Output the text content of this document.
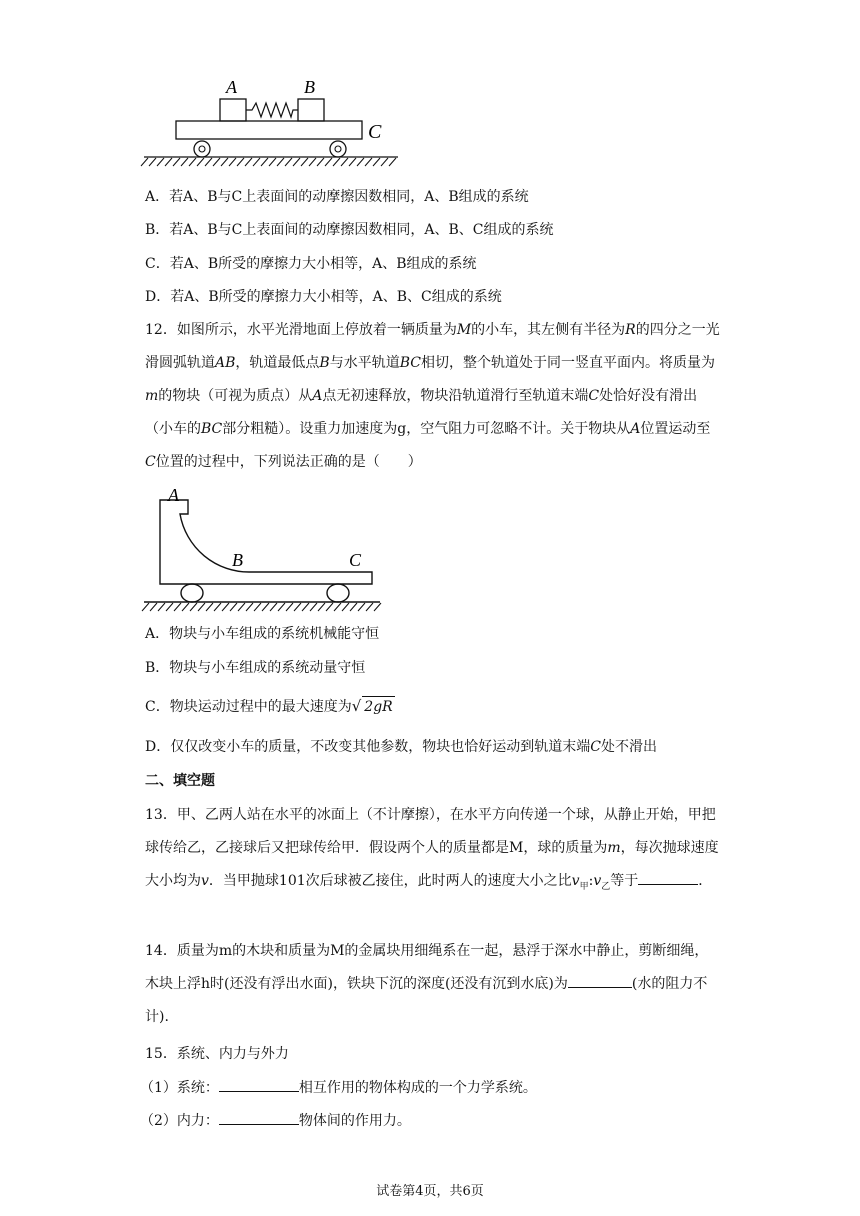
A	B
C
A．若A、B与C上表面间的动摩擦因数相同，A、B组成的系统
B．若A、B与C上表面间的动摩擦因数相同，A、B、C组成的系统
C．若A、B所受的摩擦力大小相等，A、B组成的系统
D．若A、B所受的摩擦力大小相等，A、B、C组成的系统
12．如图所示，水平光滑地面上停放着一辆质量为M的小车，其左侧有半径为R的四分之一光滑圆弧轨道AB，轨道最低点B与水平轨道BC相切，整个轨道处于同一竖直平面内。将质量为m的物块（可视为质点）从A点无初速释放，物块沿轨道滑行至轨道末端C处恰好没有滑出（小车的BC部分粗糙）。设重力加速度为g，空气阻力可忽略不计。关于物块从A位置运动至C位置的过程中，下列说法正确的是（　　）
A
B	C
A．物块与小车组成的系统机械能守恒
B．物块与小车组成的系统动量守恒
C．物块运动过程中的最大速度为√ 2gR
D．仅仅改变小车的质量，不改变其他参数，物块也恰好运动到轨道末端C处不滑出
二、填空题
13．甲、乙两人站在水平的冰面上（不计摩擦），在水平方向传递一个球，从静止开始，甲把球传给乙，乙接球后又把球传给甲．假设两个人的质量都是M，球的质量为m，每次抛球速度大小均为v．当甲抛球101次后球被乙接住，此时两人的速度大小之比$v_甲:v_乙$等于	．
14．质量为m的木块和质量为M的金属块用细绳系在一起，悬浮于深水中静止，剪断细绳，木块上浮h时(还没有浮出水面)，铁块下沉的深度(还没有沉到水底)为	(水的阻力不计).
15．系统、内力与外力
（1）系统：	相互作用的物体构成的一个力学系统。
（2）内力：	物体间的作用力。
试卷第4页，共6页
